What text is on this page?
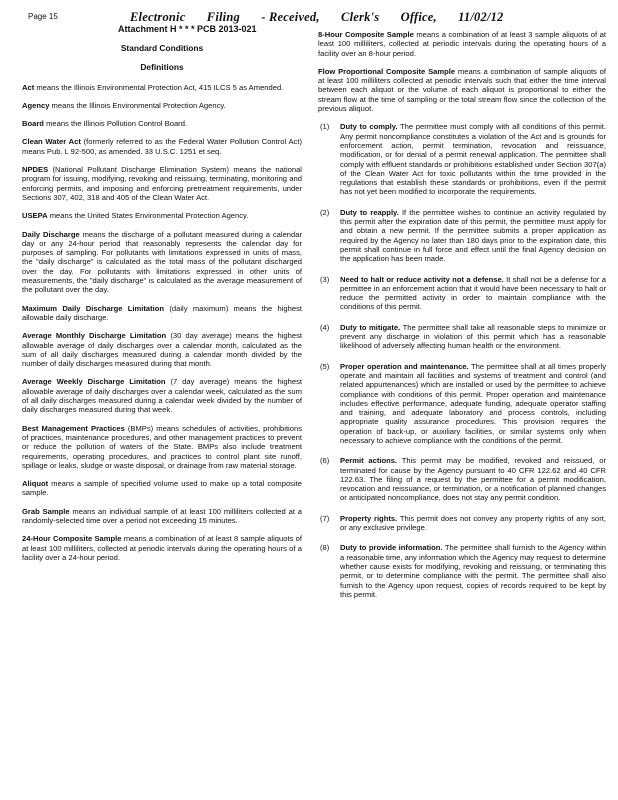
Page 15	Electronic Filing - Received, Clerk's Office, 11/02/12
Attachment H * * * PCB 2013-021
Standard Conditions
Definitions

Act means the Illinois Environmental Protection Act, 415 ILCS 5 as Amended.

Agency means the Illinois Environmental Protection Agency.

Board means the Illinois Pollution Control Board.

Clean Water Act (formerly referred to as the Federal Water Pollution Control Act) means Pub. L 92-500, as amended. 33 U.S.C. 1251 et seq.

NPDES (National Pollutant Discharge Elimination System) means the national program for issuing, modifying, revoking and reissuing, terminating, monitoring and enforcing permits, and imposing and enforcing pretreatment requirements, under Sections 307, 402, 318 and 405 of the Clean Water Act.

USEPA means the United States Environmental Protection Agency.

Daily Discharge means the discharge of a pollutant measured during a calendar day or any 24-hour period that reasonably represents the calendar day for purposes of sampling. For pollutants with limitations expressed in units of mass, the "daily discharge" is calculated as the total mass of the pollutant discharged over the day. For pollutants with limitations expressed in other units of measurements, the "daily discharge" is calculated as the average measurement of the pollutant over the day.

Maximum Daily Discharge Limitation (daily maximum) means the highest allowable daily discharge.

Average Monthly Discharge Limitation (30 day average) means the highest allowable average of daily discharges over a calendar month, calculated as the sum of all daily discharges measured during a calendar month divided by the number of daily discharges measured during that month.

Average Weekly Discharge Limitation (7 day average) means the highest allowable average of daily discharges over a calendar week, calculated as the sum of all daily discharges measured during a calendar week divided by the number of daily discharges measured during that week.

Best Management Practices (BMPs) means schedules of activities, prohibitions of practices, maintenance procedures, and other management practices to prevent or reduce the pollution of waters of the State. BMPs also include treatment requirements, operating procedures, and practices to control plant site runoff, spillage or leaks, sludge or waste disposal, or drainage from raw material storage.

Aliquot means a sample of specified volume used to make up a total composite sample.

Grab Sample means an individual sample of at least 100 milliliters collected at a randomly-selected time over a period not exceeding 15 minutes.

24-Hour Composite Sample means a combination of at least 8 sample aliquots of at least 100 milliliters, collected at periodic intervals during the operating hours of a facility over a 24-hour period.

8-Hour Composite Sample means a combination of at least 3 sample aliquots of at least 100 milliliters, collected at periodic intervals during the operating hours of a facility over an 8-hour period.

Flow Proportional Composite Sample means a combination of sample aliquots of at least 100 milliliters collected at periodic intervals such that either the time interval between each aliquot or the volume of each aliquot is proportional to either the stream flow at the time of sampling or the total stream flow since the collection of the previous aliquot.

(1) Duty to comply. The permittee must comply with all conditions of this permit. Any permit noncompliance constitutes a violation of the Act and is grounds for enforcement action, permit termination, revocation and reissuance, modification, or for denial of a permit renewal application. The permittee shall comply with effluent standards or prohibitions established under Section 307(a) of the Clean Water Act for toxic pollutants within the time provided in the regulations that establish these standards or prohibitions, even if the permit has not yet been modified to incorporate the requirements.

(2) Duty to reapply. If the permittee wishes to continue an activity regulated by this permit after the expiration date of this permit, the permittee must apply for and obtain a new permit. If the permittee submits a proper application as required by the Agency no later than 180 days prior to the expiration date, this permit shall continue in full force and effect until the final Agency decision on the application has been made.

(3) Need to halt or reduce activity not a defense. It shall not be a defense for a permittee in an enforcement action that it would have been necessary to halt or reduce the permitted activity in order to maintain compliance with the conditions of this permit.

(4) Duty to mitigate. The permittee shall take all reasonable steps to minimize or prevent any discharge in violation of this permit which has a reasonable likelihood of adversely affecting human health or the environment.

(5) Proper operation and maintenance. The permittee shall at all times properly operate and maintain all facilities and systems of treatment and control (and related appurtenances) which are installed or used by the permittee to achieve compliance with conditions of this permit. Proper operation and maintenance includes effective performance, adequate funding, adequate operator staffing and training, and adequate laboratory and process controls, including appropriate quality assurance procedures. This provision requires the operation of back-up, or auxiliary facilities, or similar systems only when necessary to achieve compliance with the conditions of the permit.

(6) Permit actions. This permit may be modified, revoked and reissued, or terminated for cause by the Agency pursuant to 40 CFR 122.62 and 40 CFR 122.63. The filing of a request by the permittee for a permit modification, revocation and reissuance, or termination, or a notification of planned changes or anticipated noncompliance, does not stay any permit condition.

(7) Property rights. This permit does not convey any property rights of any sort, or any exclusive privilege.

(8) Duty to provide information. The permittee shall furnish to the Agency within a reasonable time, any information which the Agency may request to determine whether cause exists for modifying, revoking and reissuing, or terminating this permit, or to determine compliance with the permit. The permittee shall also furnish to the Agency upon request, copies of records required to be kept by this permit.
